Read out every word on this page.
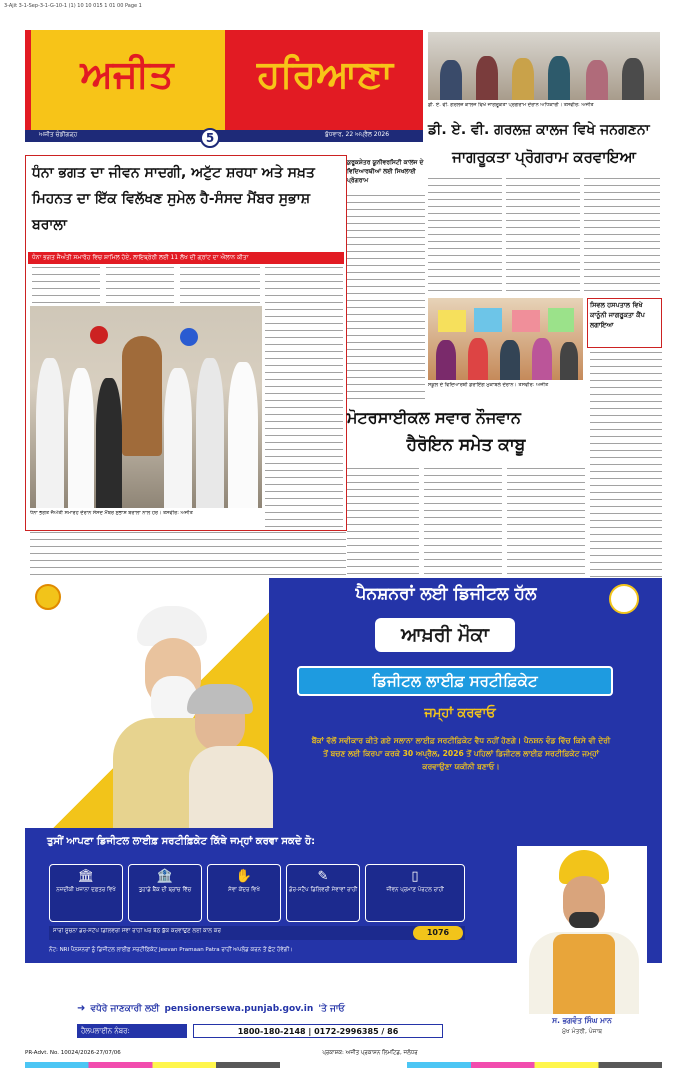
3-Ajit 3-1-Sep-3-1-G-10-1 (1) 10 10 015 1 01 00 Page 1
ਅਜੀਤ	ਹਰਿਆਣਾ
ਅਜੀਤ ਚੰਡੀਗੜ੍ਹ	ਬੁੱਧਵਾਰ, 22 ਅਪ੍ਰੈਲ 2026
5
ਡੀ. ਏ. ਵੀ. ਗਰਲਜ਼ ਕਾਲਜ ਵਿਖੇ ਜਾਗਰੂਕਤਾ ਪ੍ਰੋਗਰਾਮ ਦੌਰਾਨ ਅਧਿਕਾਰੀ। ਤਸਵੀਰ: ਅਜੀਤ
ਡੀ. ਏ. ਵੀ. ਗਰਲਜ਼ ਕਾਲਜ ਵਿਖੇ ਜਨਗਣਨਾ
ਜਾਗਰੂਕਤਾ ਪ੍ਰੋਗਰਾਮ ਕਰਵਾਇਆ
ਧੰਨਾ ਭਗਤ ਦਾ ਜੀਵਨ ਸਾਦਗੀ, ਅਟੁੱਟ ਸ਼ਰਧਾ ਅਤੇ ਸਖ਼ਤ ਮਿਹਨਤ ਦਾ ਇੱਕ ਵਿਲੱਖਣ ਸੁਮੇਲ ਹੈ-ਸੰਸਦ ਮੈਂਬਰ ਸੁਭਾਸ਼ ਬਰਾਲਾ
ਧੰਨਾ ਭਗਤ ਜੈਅੰਤੀ ਸਮਾਰੋਹ ਵਿਚ ਸ਼ਾਮਿਲ ਹੋਏ, ਲਾਇਬ੍ਰੇਰੀ ਲਈ 11 ਲੱਖ ਦੀ ਗ੍ਰਾਂਟ ਦਾ ਐਲਾਨ ਕੀਤਾ
ਧੰਨਾ ਭਗਤ ਜੈਅੰਤੀ ਸਮਾਰੋਹ ਦੌਰਾਨ ਸੰਸਦ ਮੈਂਬਰ ਸੁਭਾਸ਼ ਬਰਾਲਾ ਨਾਲ ਹੋਰ। ਤਸਵੀਰ: ਅਜੀਤ
ਕੁਰੂਕਸ਼ੇਤਰ ਯੂਨੀਵਰਸਿਟੀ ਕਾਲਜ ਦੇ ਵਿਦਿਆਰਥੀਆਂ ਲਈ ਸਿਖਲਾਈ ਪ੍ਰੋਗਰਾਮ
ਸਕੂਲ ਦੇ ਵਿਦਿਆਰਥੀ ਡਰਾਇੰਗ ਮੁਕਾਬਲੇ ਦੌਰਾਨ। ਤਸਵੀਰ: ਅਜੀਤ
ਮੋਟਰਸਾਈਕਲ ਸਵਾਰ ਨੌਜਵਾਨ
ਹੈਰੋਇਨ ਸਮੇਤ ਕਾਬੂ
ਸਿਵਲ ਹਸਪਤਾਲ ਵਿਖੇ ਕਾਨੂੰਨੀ ਜਾਗਰੂਕਤਾ ਕੈਂਪ ਲਗਾਇਆ
ਪੈਨਸ਼ਨਰਾਂ ਲਈ ਡਿਜੀਟਲ ਹੱਲ
ਆਖ਼ਰੀ ਮੌਕਾ
ਡਿਜੀਟਲ ਲਾਈਫ਼ ਸਰਟੀਫ਼ਿਕੇਟ
ਜਮ੍ਹਾਂ ਕਰਵਾਓ
ਬੈਂਕਾਂ ਵੱਲੋਂ ਸਵੀਕਾਰ ਕੀਤੇ ਗਏ ਸਲਾਨਾ ਲਾਈਫ਼ ਸਰਟੀਫ਼ਿਕੇਟ ਵੈਧ ਨਹੀਂ ਹੋਣਗੇ। ਪੈਨਸ਼ਨ ਵੰਡ ਵਿੱਚ ਕਿਸੇ ਵੀ ਦੇਰੀ ਤੋਂ ਬਚਣ ਲਈ ਕਿਰਪਾ ਕਰਕੇ 30 ਅਪ੍ਰੈਲ, 2026 ਤੋਂ ਪਹਿਲਾਂ ਡਿਜੀਟਲ ਲਾਈਫ਼ ਸਰਟੀਫ਼ਿਕੇਟ ਜਮ੍ਹਾਂ ਕਰਵਾਉਣਾ ਯਕੀਨੀ ਬਣਾਓ।
ਤੁਸੀਂ ਆਪਣਾ ਡਿਜੀਟਲ ਲਾਈਫ਼ ਸਰਟੀਫ਼ਿਕੇਟ ਕਿੱਥੇ ਜਮ੍ਹਾਂ ਕਰਵਾ ਸਕਦੇ ਹੋ:
🏛
ਨਜ਼ਦੀਕੀ ਖ਼ਜ਼ਾਨਾ ਦਫ਼ਤਰ ਵਿਖੇ
🏦
ਤੁਹਾਡੇ ਬੈਂਕ ਦੀ ਬ੍ਰਾਂਚ ਵਿੱਚ
✋
ਸੇਵਾ ਕੇਂਦਰ ਵਿਖੇ
✎
ਡੋਰ-ਸਟੈਪ ਡਿਲਿਵਰੀ ਸੇਵਾਵਾਂ ਰਾਹੀਂ
▯
ਜੀਵਨ ਪ੍ਰਮਾਣ ਪੋਰਟਲ ਰਾਹੀਂ
ਸਾਰੀ ਸੂਚਨਾ ਡੋਰ-ਸਟੈਪ ਡਿਲਿਵਰੀ ਸੇਵਾ ਰਾਹੀਂ ਘਰ ਬੈਠੇ ਬੁੱਕ ਕਰਵਾਉਣ ਲਈ ਕਾਲ ਕਰੋ	1076
ਨੋਟ: NRI ਪੈਨਸ਼ਨਰਾਂ ਨੂੰ ਡਿਜੀਟਲ ਲਾਈਫ਼ ਸਰਟੀਫ਼ਿਕੇਟ Jeevan Pramaan Patra ਰਾਹੀਂ ਅਪਲੋਡ ਕਰਨ ਤੋਂ ਛੋਟ ਹੋਵੇਗੀ।
➜ ਵਧੇਰੇ ਜਾਣਕਾਰੀ ਲਈ pensionersewa.punjab.gov.in 'ਤੇ ਜਾਓ
ਹੈਲਪਲਾਈਨ ਨੰਬਰ:	1800-180-2148 | 0172-2996385 / 86
ਸ. ਭਗਵੰਤ ਸਿੰਘ ਮਾਨ
ਮੁੱਖ ਮੰਤਰੀ, ਪੰਜਾਬ
PR-Advt. No. 10024/2026-27/07/06	ਪ੍ਰਕਾਸ਼ਕ: ਅਜੀਤ ਪ੍ਰਕਾਸ਼ਨ ਲਿਮਟਿਡ, ਜਲੰਧਰ
